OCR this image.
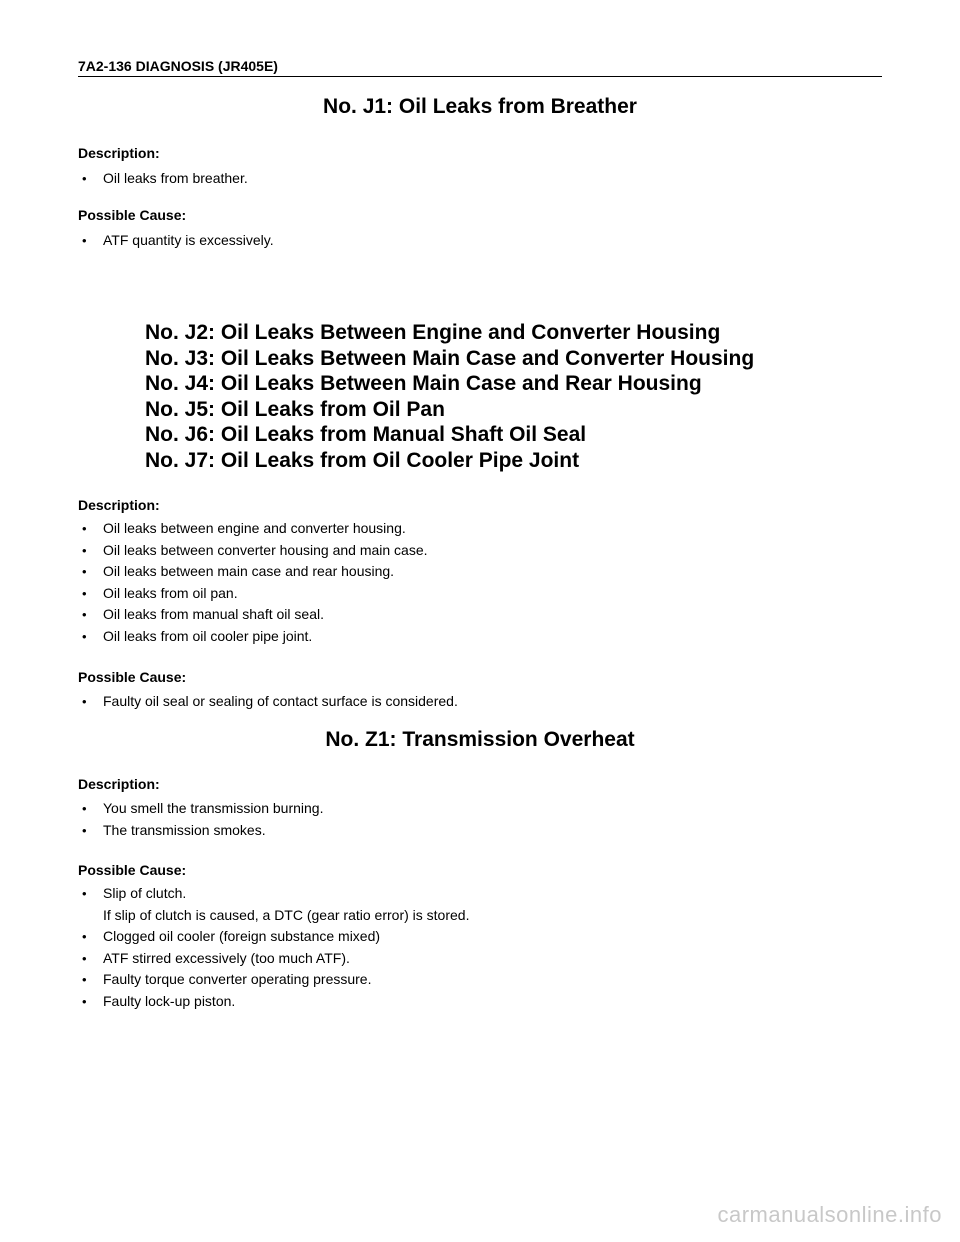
7A2-136 DIAGNOSIS (JR405E)
No. J1: Oil Leaks from Breather
Description:
• Oil leaks from breather.
Possible Cause:
• ATF quantity is excessively.
No. J2: Oil Leaks Between Engine and Converter Housing
No. J3: Oil Leaks Between Main Case and Converter Housing
No. J4: Oil Leaks Between Main Case and Rear Housing
No. J5: Oil Leaks from Oil Pan
No. J6: Oil Leaks from Manual Shaft Oil Seal
No. J7: Oil Leaks from Oil Cooler Pipe Joint
Description:
• Oil leaks between engine and converter housing.
• Oil leaks between converter housing and main case.
• Oil leaks between main case and rear housing.
• Oil leaks from oil pan.
• Oil leaks from manual shaft oil seal.
• Oil leaks from oil cooler pipe joint.
Possible Cause:
• Faulty oil seal or sealing of contact surface is considered.
No. Z1: Transmission Overheat
Description:
• You smell the transmission burning.
• The transmission smokes.
Possible Cause:
• Slip of clutch.
If slip of clutch is caused, a DTC (gear ratio error) is stored.
• Clogged oil cooler (foreign substance mixed)
• ATF stirred excessively (too much ATF).
• Faulty torque converter operating pressure.
• Faulty lock-up piston.
carmanualsonline.info
